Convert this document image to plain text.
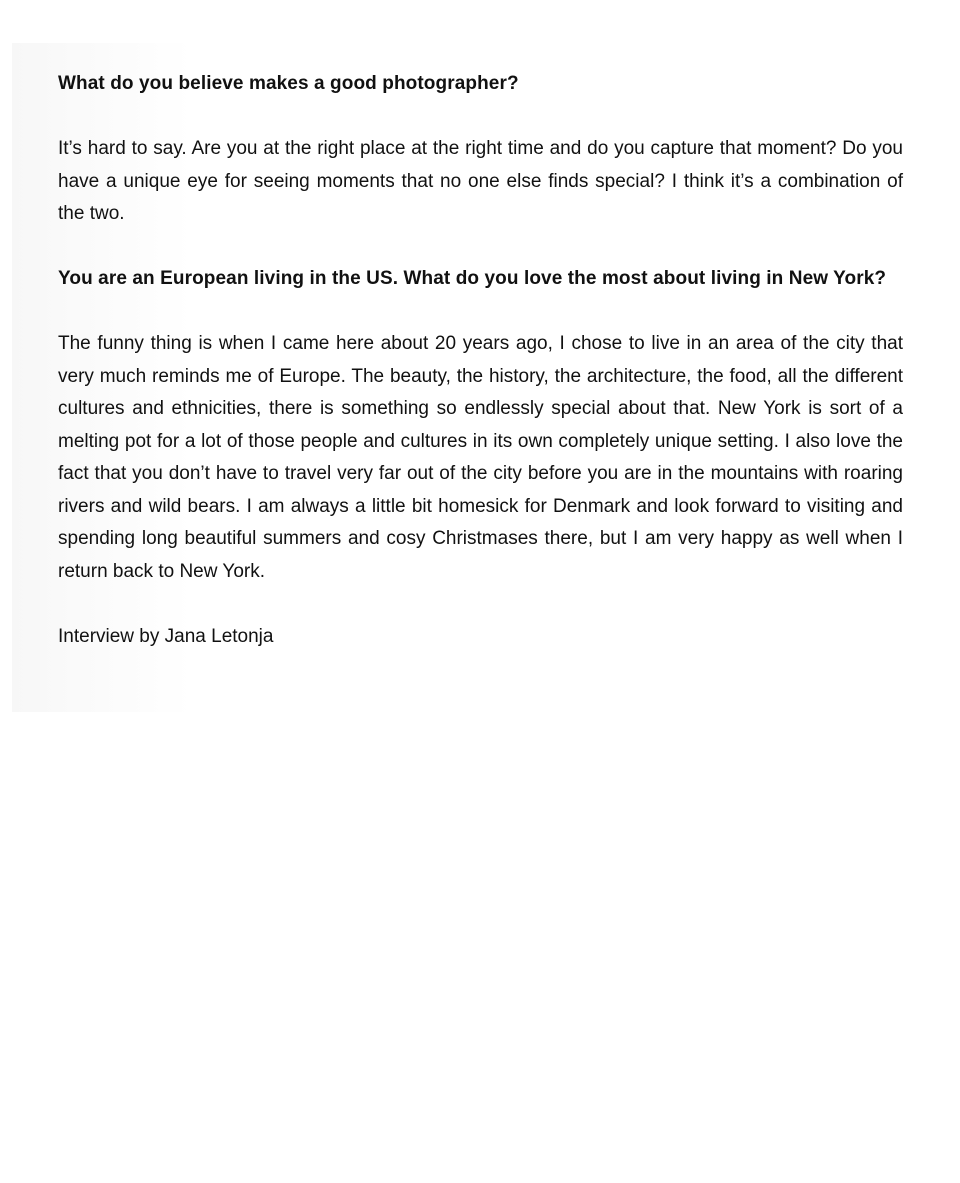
What do you believe makes a good photographer?

It’s hard to say. Are you at the right place at the right time and do you capture that moment? Do you have a unique eye for seeing moments that no one else finds special? I think it’s a combination of the two.

You are an European living in the US. What do you love the most about living in New York?

The funny thing is when I came here about 20 years ago, I chose to live in an area of the city that very much reminds me of Europe. The beauty, the history, the architecture, the food, all the different cultures and ethnicities, there is something so endlessly special about that. New York is sort of a melting pot for a lot of those people and cultures in its own completely unique setting. I also love the fact that you don’t have to travel very far out of the city before you are in the mountains with roaring rivers and wild bears. I am always a little bit homesick for Denmark and look forward to visiting and spending long beautiful summers and cosy Christmases there, but I am very happy as well when I return back to New York.

Interview by Jana Letonja
